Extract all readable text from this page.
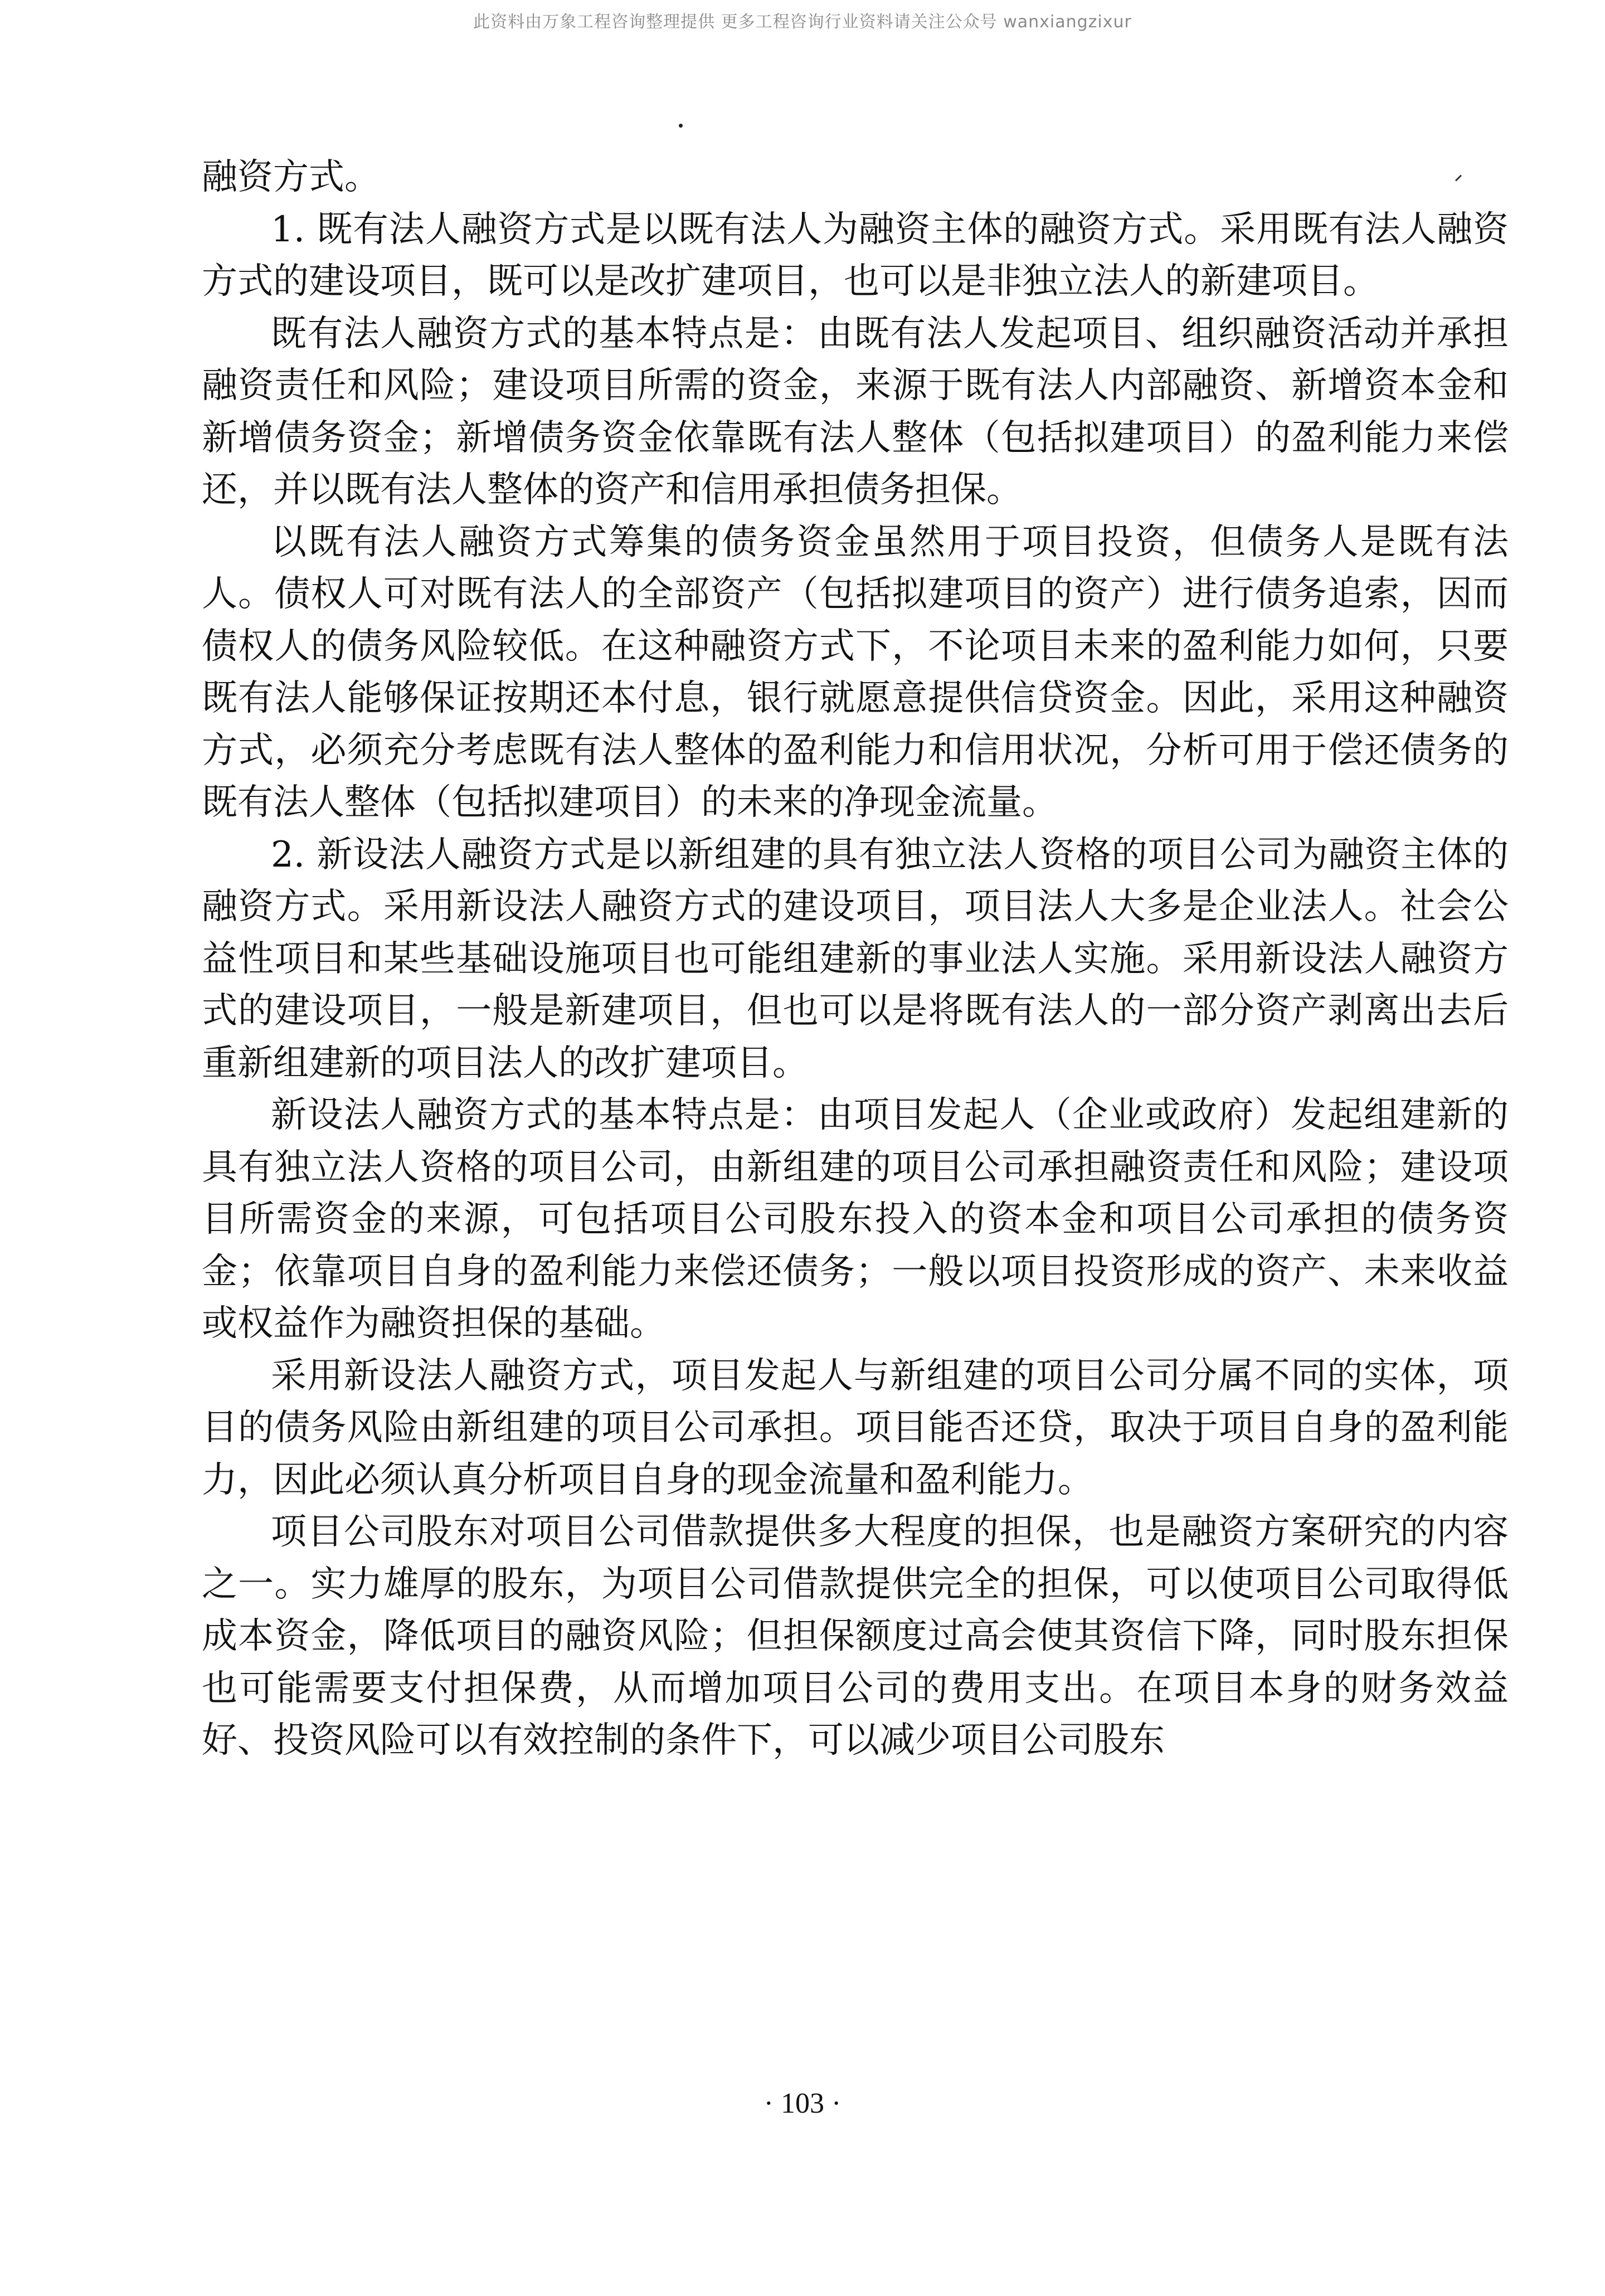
此资料由万象工程咨询整理提供 更多工程咨询行业资料请关注公众号 wanxiangzixur

融资方式。

1. 既有法人融资方式是以既有法人为融资主体的融资方式。采用既有法人融资方式的建设项目，既可以是改扩建项目，也可以是非独立法人的新建项目。

既有法人融资方式的基本特点是：由既有法人发起项目、组织融资活动并承担融资责任和风险；建设项目所需的资金，来源于既有法人内部融资、新增资本金和新增债务资金；新增债务资金依靠既有法人整体（包括拟建项目）的盈利能力来偿还，并以既有法人整体的资产和信用承担债务担保。

以既有法人融资方式筹集的债务资金虽然用于项目投资，但债务人是既有法人。债权人可对既有法人的全部资产（包括拟建项目的资产）进行债务追索，因而债权人的债务风险较低。在这种融资方式下，不论项目未来的盈利能力如何，只要既有法人能够保证按期还本付息，银行就愿意提供信贷资金。因此，采用这种融资方式，必须充分考虑既有法人整体的盈利能力和信用状况，分析可用于偿还债务的既有法人整体（包括拟建项目）的未来的净现金流量。

2. 新设法人融资方式是以新组建的具有独立法人资格的项目公司为融资主体的融资方式。采用新设法人融资方式的建设项目，项目法人大多是企业法人。社会公益性项目和某些基础设施项目也可能组建新的事业法人实施。采用新设法人融资方式的建设项目，一般是新建项目，但也可以是将既有法人的一部分资产剥离出去后重新组建新的项目法人的改扩建项目。

新设法人融资方式的基本特点是：由项目发起人（企业或政府）发起组建新的具有独立法人资格的项目公司，由新组建的项目公司承担融资责任和风险；建设项目所需资金的来源，可包括项目公司股东投入的资本金和项目公司承担的债务资金；依靠项目自身的盈利能力来偿还债务；一般以项目投资形成的资产、未来收益或权益作为融资担保的基础。

采用新设法人融资方式，项目发起人与新组建的项目公司分属不同的实体，项目的债务风险由新组建的项目公司承担。项目能否还贷，取决于项目自身的盈利能力，因此必须认真分析项目自身的现金流量和盈利能力。

项目公司股东对项目公司借款提供多大程度的担保，也是融资方案研究的内容之一。实力雄厚的股东，为项目公司借款提供完全的担保，可以使项目公司取得低成本资金，降低项目的融资风险；但担保额度过高会使其资信下降，同时股东担保也可能需要支付担保费，从而增加项目公司的费用支出。在项目本身的财务效益好、投资风险可以有效控制的条件下，可以减少项目公司股东

· 103 ·
